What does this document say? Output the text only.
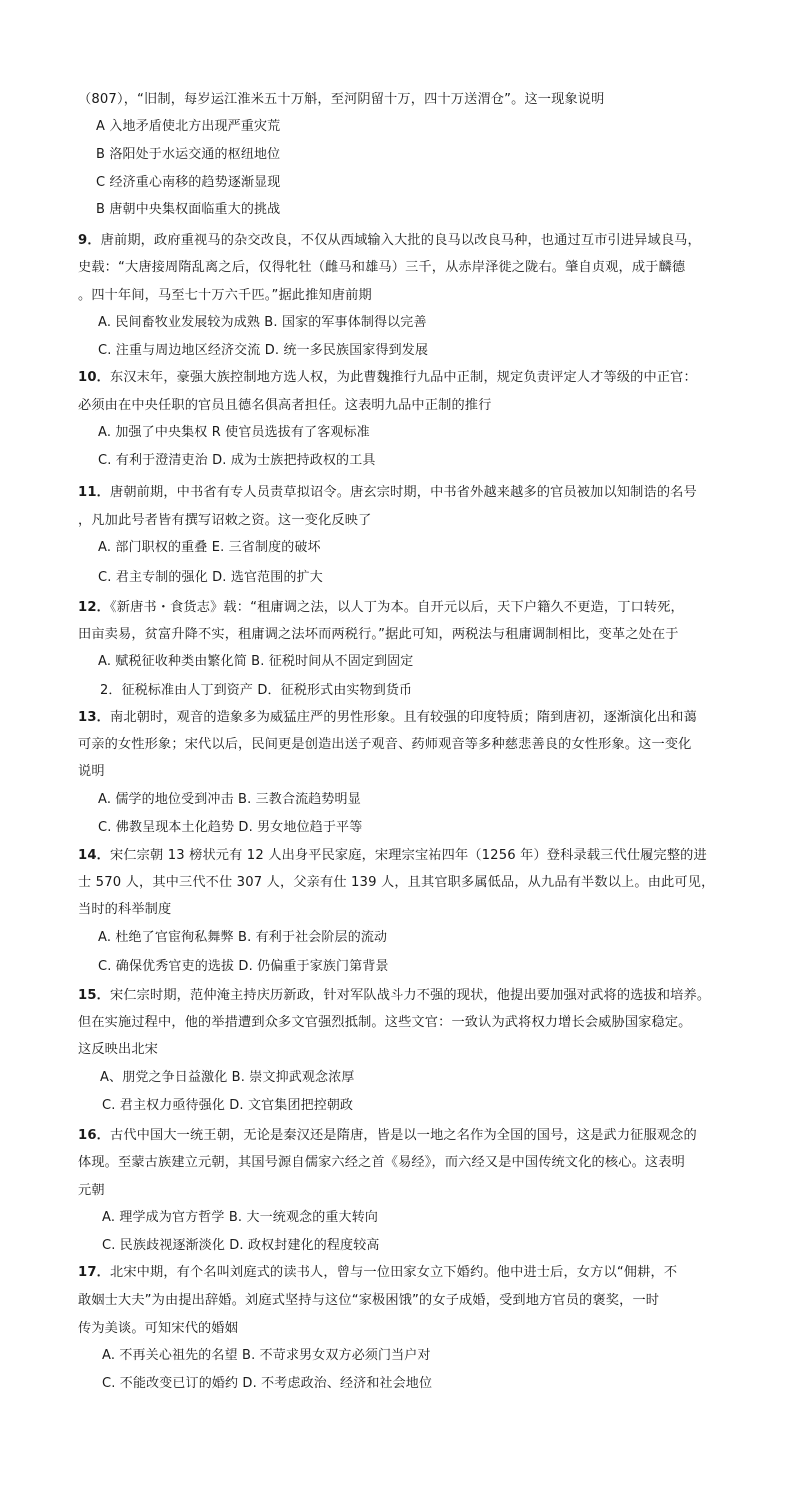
（807），“旧制，每岁运江淮米五十万斛，至河阴留十万，四十万送渭仓”。这一现象说明
A 入地矛盾使北方出现严重灾荒
B 洛阳处于水运交通的枢纽地位
C 经济重心南移的趋势逐渐显现
B 唐朝中央集权面临重大的挑战
9．唐前期，政府重视马的杂交改良，不仅从西域输入大批的良马以改良马种，也通过互市引进异域良马，
史载：“大唐接周隋乱离之后，仅得牝牡（雌马和雄马）三千，从赤岸泽徙之陇右。肇自贞观，成于麟德
。四十年间，马至七十万六千匹。”据此推知唐前期
A. 民间畜牧业发展较为成熟 B. 国家的军事体制得以完善
C. 注重与周边地区经济交流 D. 统一多民族国家得到发展
10．东汉末年，豪强大族控制地方选人权，为此曹魏推行九品中正制，规定负责评定人才等级的中正官：
必须由在中央任职的官员且德名俱高者担任。这表明九品中正制的推行
A. 加强了中央集权 R 使官员选拔有了客观标准
C. 有利于澄清吏治 D. 成为士族把持政权的工具
11．唐朝前期，中书省有专人员责草拟诏令。唐玄宗时期，中书省外越来越多的官员被加以知制诰的名号
，凡加此号者皆有撰写诏敕之资。这一变化反映了
A. 部门职权的重叠 E. 三省制度的破坏
C. 君主专制的强化 D. 选官范围的扩大
12．《新唐书・食货志》载：“租庸调之法，以人丁为本。自开元以后，天下户籍久不更造，丁口转死，
田亩卖易，贫富升降不实，租庸调之法坏而两税行。”据此可知，两税法与租庸调制相比，变革之处在于
A. 赋税征收种类由繁化简 B. 征税时间从不固定到固定
2．征税标准由人丁到资产 D．征税形式由实物到货币
13．南北朝时，观音的造象多为威猛庄严的男性形象。且有较强的印度特质；隋到唐初，逐渐演化出和蔼
可亲的女性形象；宋代以后，民间更是创造出送子观音、药师观音等多种慈悲善良的女性形象。这一变化
说明
A. 儒学的地位受到冲击 B. 三教合流趋势明显
C. 佛教呈现本土化趋势 D. 男女地位趋于平等
14．宋仁宗朝 13 榜状元有 12 人出身平民家庭，宋理宗宝祐四年（1256 年）登科录载三代仕履完整的进
士 570 人，其中三代不仕 307 人，父亲有仕 139 人，且其官职多属低品，从九品有半数以上。由此可见，
当时的科举制度
A. 杜绝了官宦徇私舞弊 B. 有利于社会阶层的流动
C. 确保优秀官吏的选拔 D. 仍偏重于家族门第背景
15．宋仁宗时期，范仲淹主持庆历新政，针对军队战斗力不强的现状，他提出要加强对武将的选拔和培养。
但在实施过程中，他的举措遭到众多文官强烈抵制。这些文官：一致认为武将权力增长会威胁国家稳定。
这反映出北宋
A、朋党之争日益激化 B. 崇文抑武观念浓厚
C. 君主权力亟待强化 D. 文官集团把控朝政
16．古代中国大一统王朝，无论是秦汉还是隋唐，皆是以一地之名作为全国的国号，这是武力征服观念的
体现。至蒙古族建立元朝，其国号源自儒家六经之首《易经》，而六经又是中国传统文化的核心。这表明
元朝
A. 理学成为官方哲学 B. 大一统观念的重大转向
C. 民族歧视逐渐淡化 D. 政权封建化的程度较高
17．北宋中期，有个名叫刘庭式的读书人，曾与一位田家女立下婚约。他中进士后，女方以“佣耕，不
敢姻士大夫”为由提出辞婚。刘庭式坚持与这位“家极困饿”的女子成婚，受到地方官员的褒奖，一时
传为美谈。可知宋代的婚姻
A. 不再关心祖先的名望 B. 不苛求男女双方必须门当户对
C. 不能改变已订的婚约 D. 不考虑政治、经济和社会地位
